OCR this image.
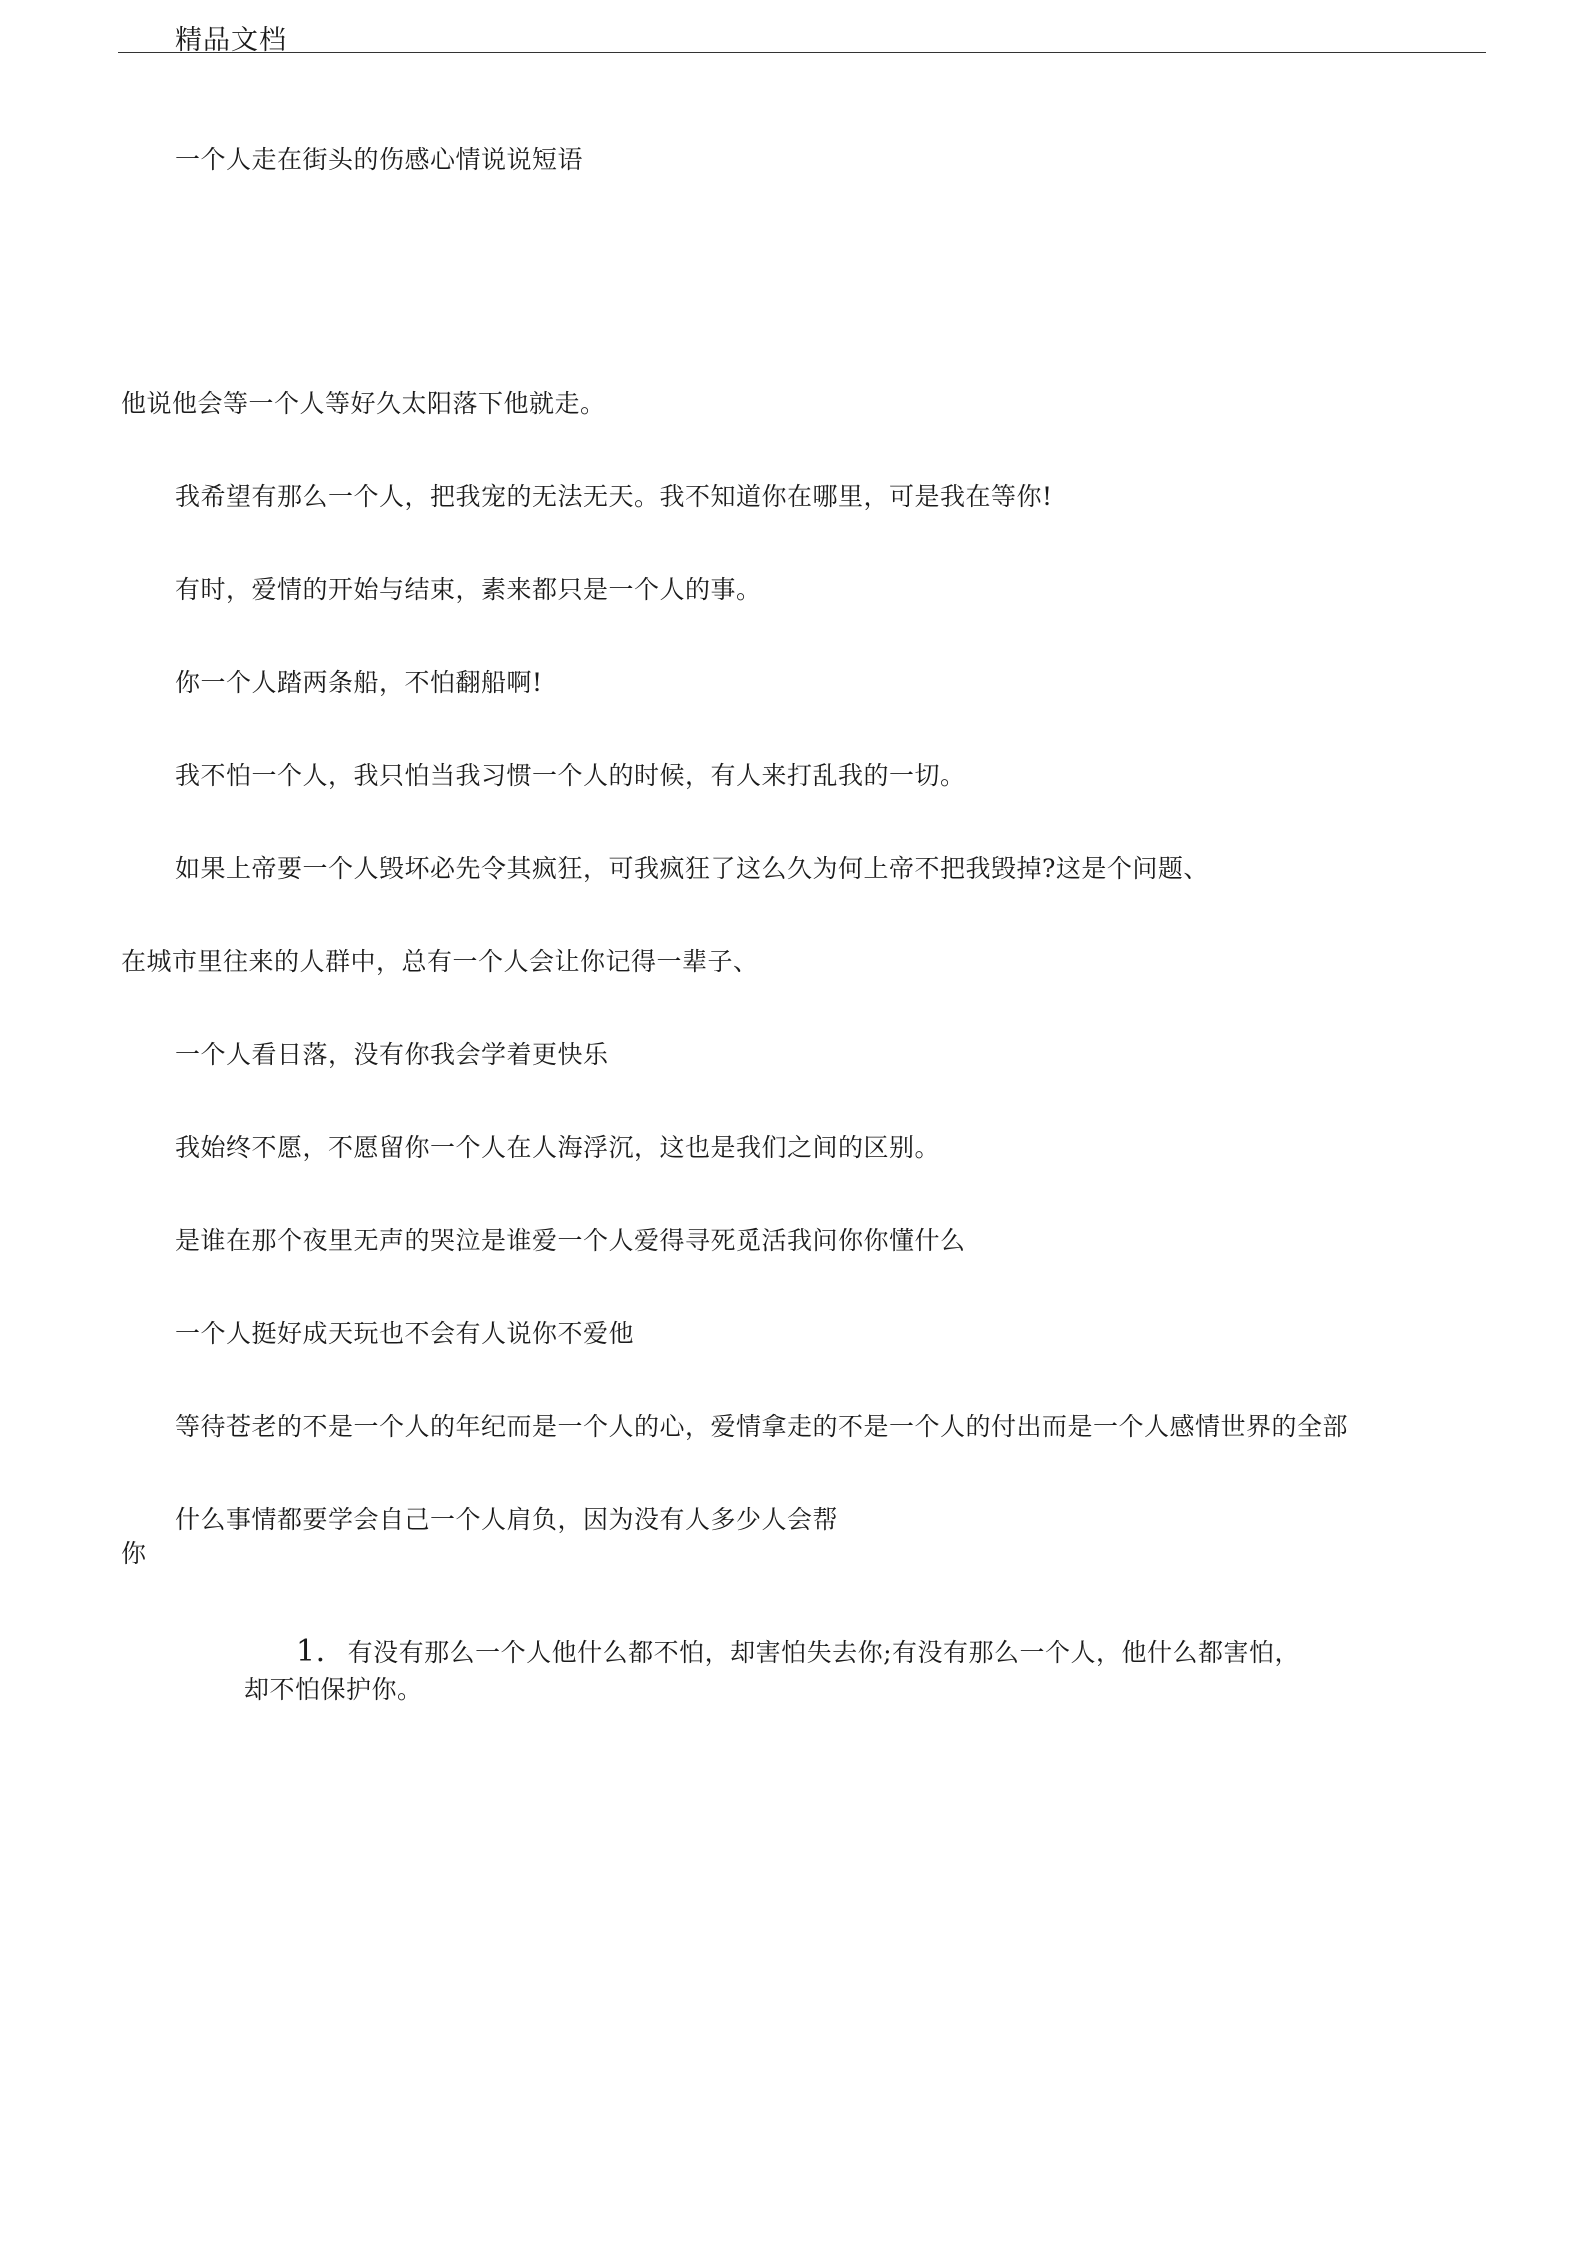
精品文档
一个人走在街头的伤感心情说说短语
他说他会等一个人等好久太阳落下他就走。
我希望有那么一个人，把我宠的无法无天。我不知道你在哪里，可是我在等你!
有时，爱情的开始与结束，素来都只是一个人的事。
你一个人踏两条船，不怕翻船啊!
我不怕一个人，我只怕当我习惯一个人的时候，有人来打乱我的一切。
如果上帝要一个人毁坏必先令其疯狂，可我疯狂了这么久为何上帝不把我毁掉?这是个问题、
在城市里往来的人群中，总有一个人会让你记得一辈子、
一个人看日落，没有你我会学着更快乐
我始终不愿，不愿留你一个人在人海浮沉，这也是我们之间的区别。
是谁在那个夜里无声的哭泣是谁爱一个人爱得寻死觅活我问你你懂什么
一个人挺好成天玩也不会有人说你不爱他
等待苍老的不是一个人的年纪而是一个人的心，爱情拿走的不是一个人的付出而是一个人感情世界的全部
什么事情都要学会自己一个人肩负，因为没有人多少人会帮
你
1. 有没有那么一个人他什么都不怕，却害怕失去你;有没有那么一个人，他什么都害怕，
却不怕保护你。
